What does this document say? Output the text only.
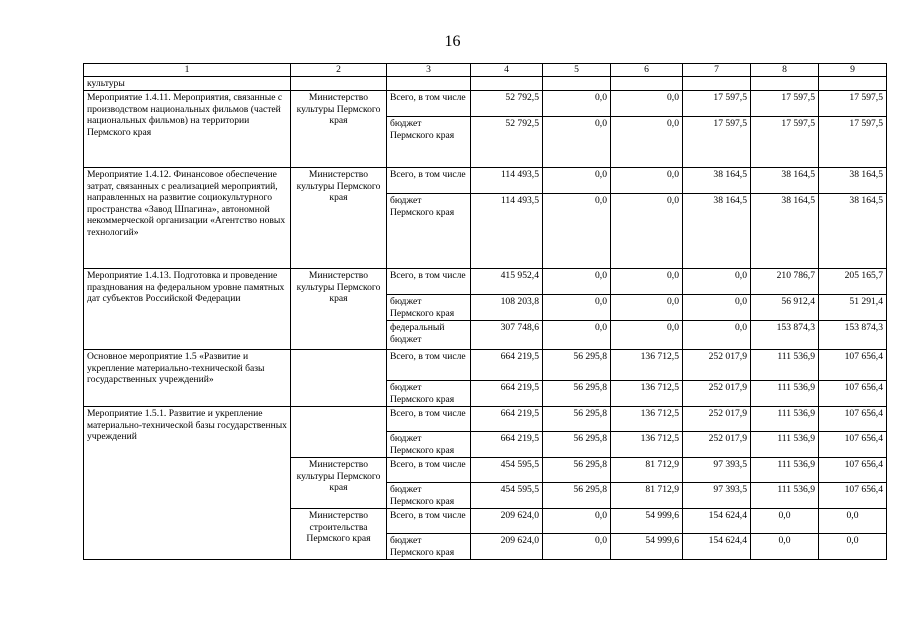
16
1	2	3	4	5	6	7	8	9
культуры								
Мероприятие 1.4.11. Мероприятия, связанные с производством национальных фильмов (частей национальных фильмов) на территории Пермского края	Министерство культуры Пермского края	Всего, в том числе	52 792,5	0,0	0,0	17 597,5	17 597,5	17 597,5
		бюджет Пермского края	52 792,5	0,0	0,0	17 597,5	17 597,5	17 597,5
Мероприятие 1.4.12. Финансовое обеспечение затрат, связанных с реализацией мероприятий, направленных на развитие социокультурного пространства «Завод Шпагина», автономной некоммерческой организации «Агентство новых технологий»	Министерство культуры Пермского края	Всего, в том числе	114 493,5	0,0	0,0	38 164,5	38 164,5	38 164,5
		бюджет Пермского края	114 493,5	0,0	0,0	38 164,5	38 164,5	38 164,5
Мероприятие 1.4.13. Подготовка и проведение празднования на федеральном уровне памятных дат субъектов Российской Федерации	Министерство культуры Пермского края	Всего, в том числе	415 952,4	0,0	0,0	0,0	210 786,7	205 165,7
		бюджет Пермского края	108 203,8	0,0	0,0	0,0	56 912,4	51 291,4
		федеральный бюджет	307 748,6	0,0	0,0	0,0	153 874,3	153 874,3
Основное мероприятие 1.5 «Развитие и укрепление материально-технической базы государственных учреждений»		Всего, в том числе	664 219,5	56 295,8	136 712,5	252 017,9	111 536,9	107 656,4
		бюджет Пермского края	664 219,5	56 295,8	136 712,5	252 017,9	111 536,9	107 656,4
Мероприятие 1.5.1. Развитие и укрепление материально-технической базы государственных учреждений		Всего, в том числе	664 219,5	56 295,8	136 712,5	252 017,9	111 536,9	107 656,4
		бюджет Пермского края	664 219,5	56 295,8	136 712,5	252 017,9	111 536,9	107 656,4
	Министерство культуры Пермского края	Всего, в том числе	454 595,5	56 295,8	81 712,9	97 393,5	111 536,9	107 656,4
		бюджет Пермского края	454 595,5	56 295,8	81 712,9	97 393,5	111 536,9	107 656,4
	Министерство строительства Пермского края	Всего, в том числе	209 624,0	0,0	54 999,6	154 624,4	0,0	0,0
		бюджет Пермского края	209 624,0	0,0	54 999,6	154 624,4	0,0	0,0
